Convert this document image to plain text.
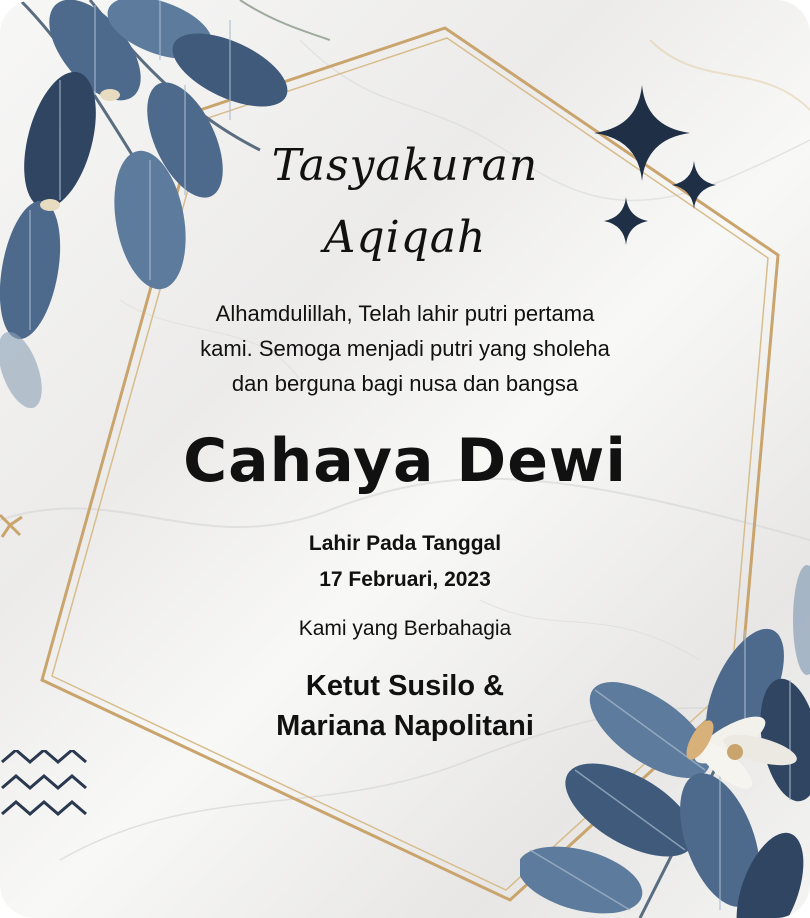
Tasyakuran
Aqiqah
Alhamdulillah, Telah lahir putri pertama
kami. Semoga menjadi putri yang sholeha
dan berguna bagi nusa dan bangsa
Cahaya Dewi
Lahir Pada Tanggal
17 Februari, 2023
Kami yang Berbahagia
Ketut Susilo &
Mariana Napolitani
